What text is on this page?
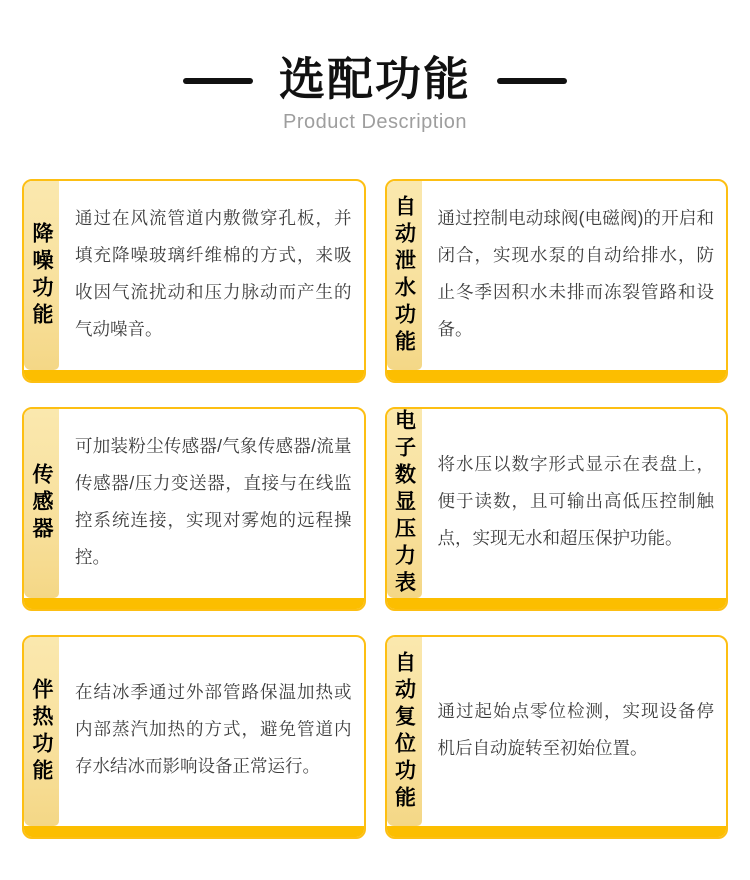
选配功能
Product Description
降噪功能

通过在风流管道内敷微穿孔板，并填充降噪玻璃纤维棉的方式，来吸收因气流扰动和压力脉动而产生的气动噪音。	自动泄水功能	通过控制电动球阀(电磁阀)的开启和闭合，实现水泵的自动给排水，防止冬季因积水未排而冻裂管路和设备。

传感器

可加装粉尘传感器/气象传感器/流量传感器/压力变送器，直接与在线监控系统连接，实现对雾炮的远程操控。	电子数显压力表	将水压以数字形式显示在表盘上，便于读数，且可输出高低压控制触点，实现无水和超压保护功能。

伴热功能	在结冰季通过外部管路保温加热或内部蒸汽加热的方式，避免管道内存水结冰而影响设备正常运行。	自动复位功能	通过起始点零位检测，实现设备停机后自动旋转至初始位置。
